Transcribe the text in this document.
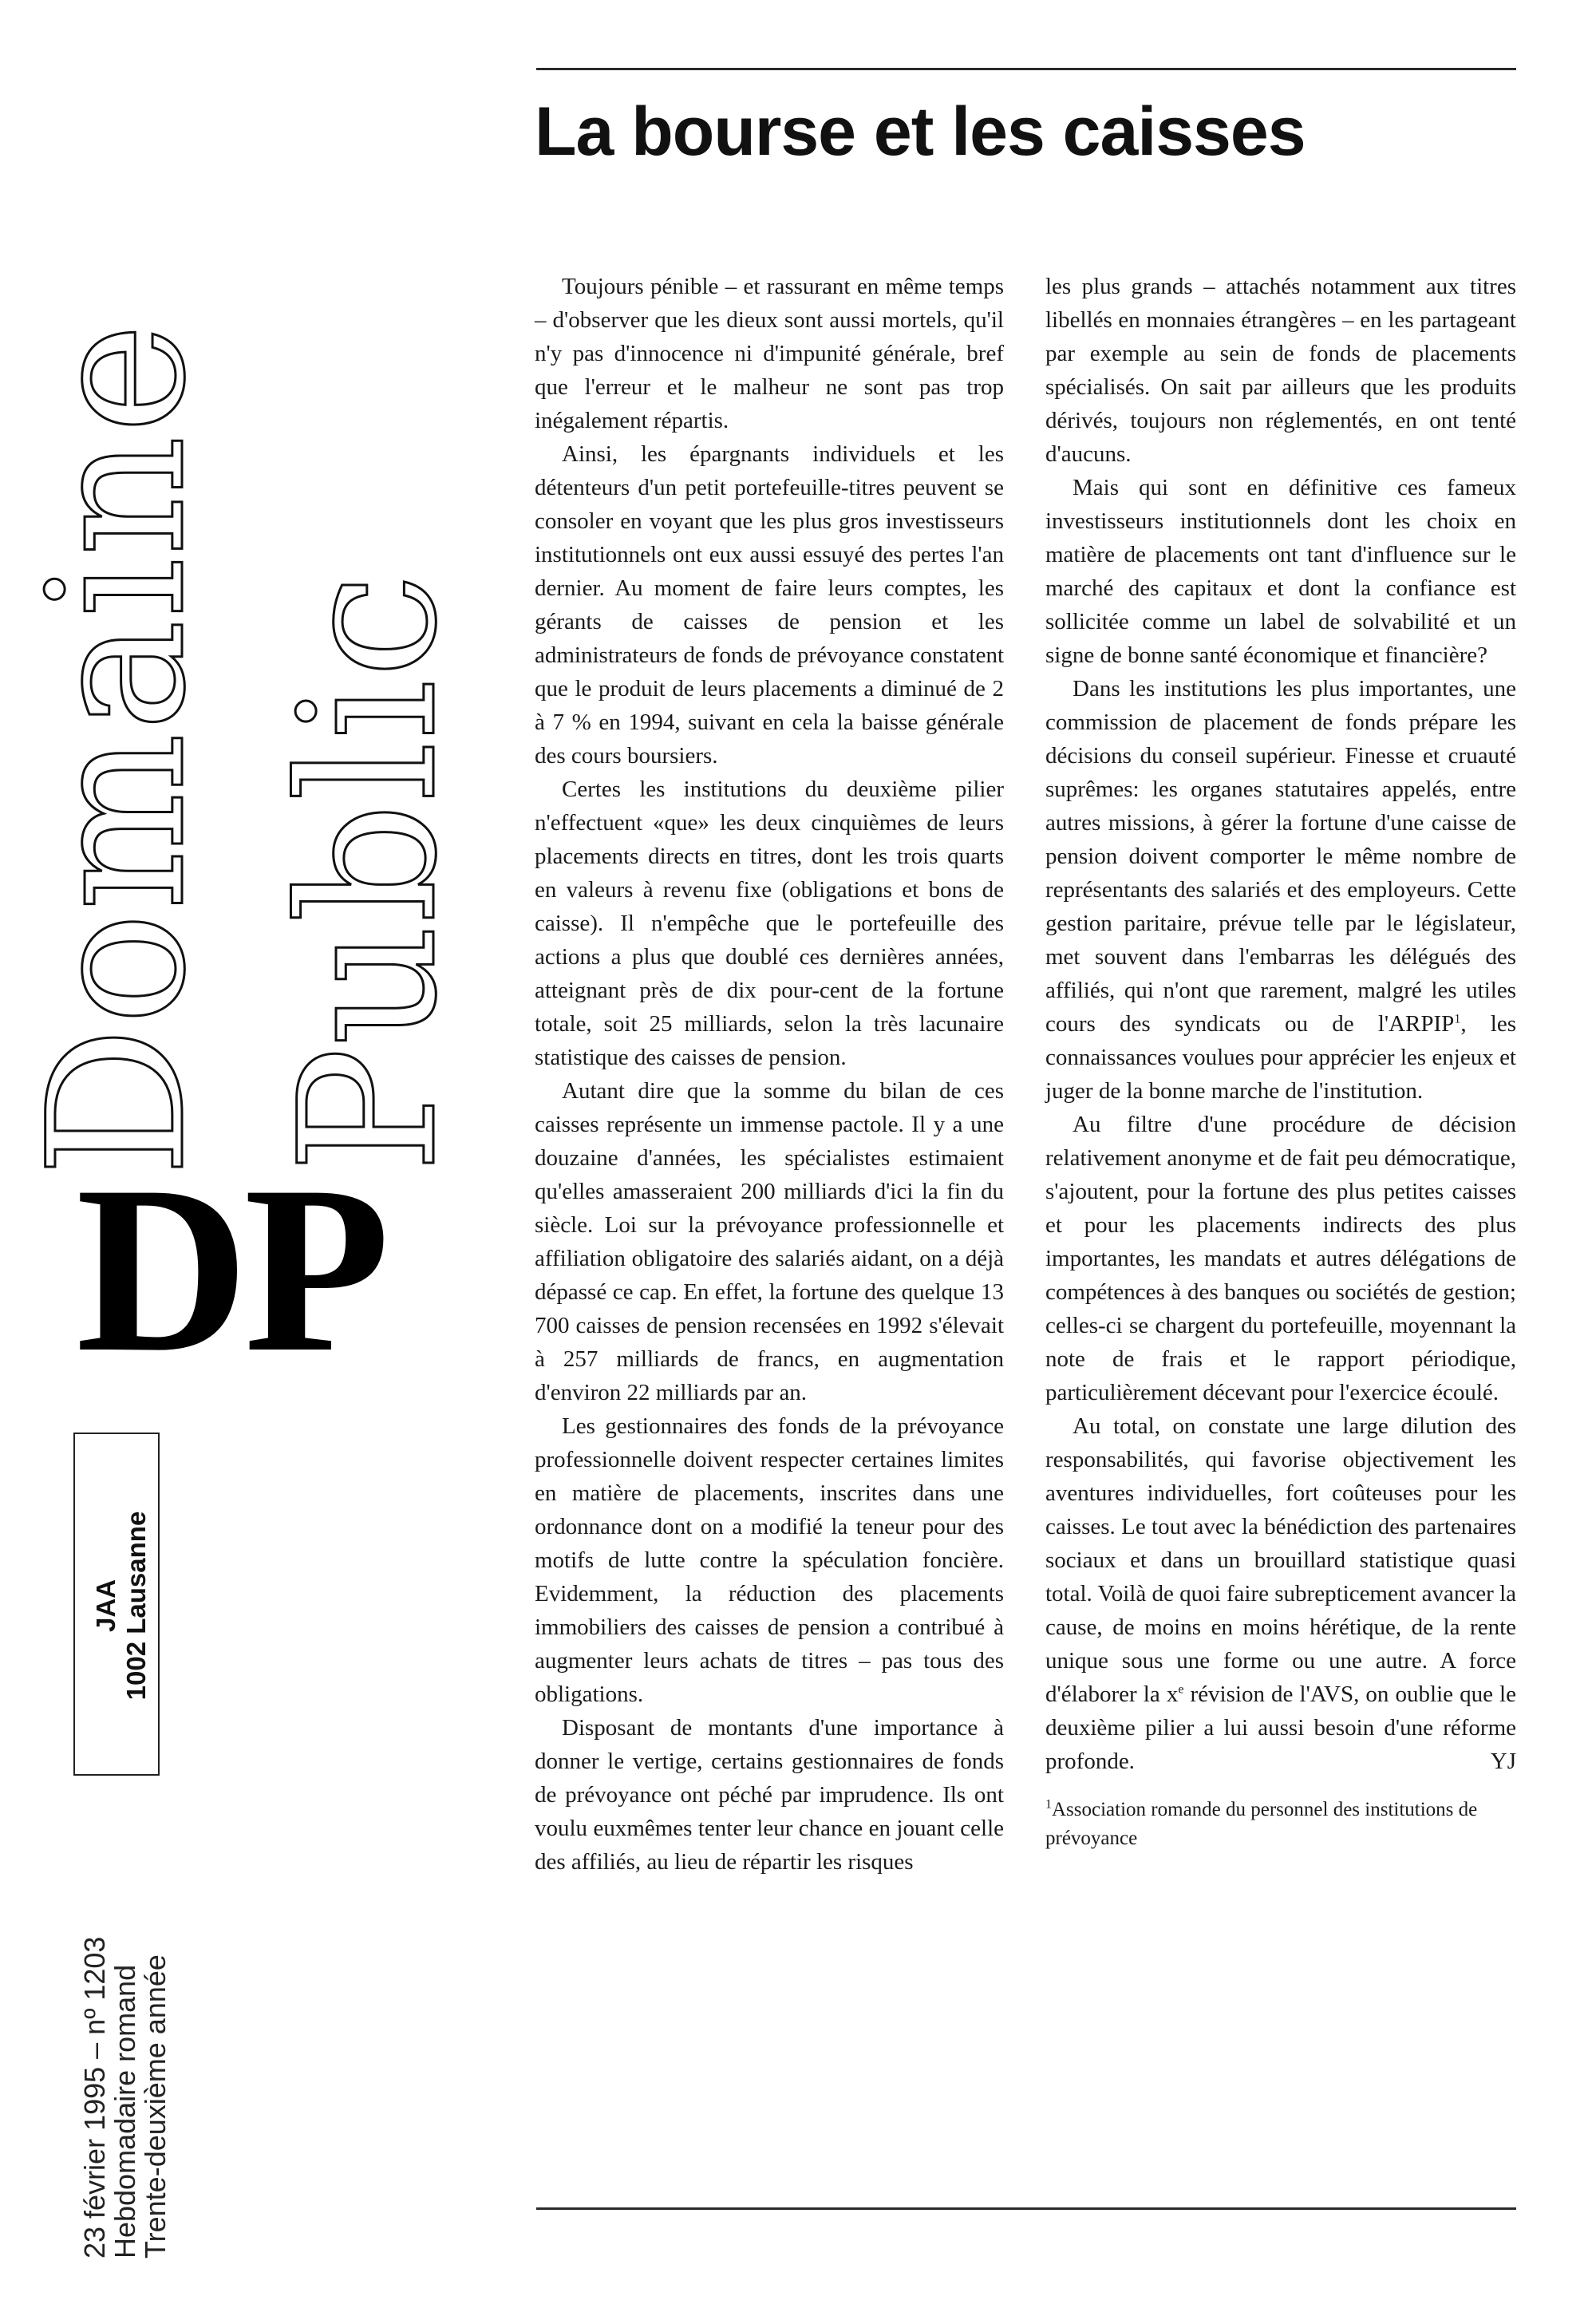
Domaine Public
DP
JAA 1002 Lausanne
23 février 1995 – nº 1203
Hebdomadaire romand
Trente-deuxième année
La bourse et les caisses

Toujours pénible – et rassurant en même temps – d'observer que les dieux sont aussi mortels, qu'il n'y pas d'innocence ni d'impunité générale, bref que l'erreur et le malheur ne sont pas trop inégalement répartis.

Ainsi, les épargnants individuels et les détenteurs d'un petit portefeuille-titres peuvent se consoler en voyant que les plus gros investisseurs institutionnels ont eux aussi essuyé des pertes l'an dernier. Au moment de faire leurs comptes, les gérants de caisses de pension et les administrateurs de fonds de prévoyance constatent que le produit de leurs placements a diminué de 2 à 7 % en 1994, suivant en cela la baisse générale des cours boursiers.

Certes les institutions du deuxième pilier n'effectuent «que» les deux cinquièmes de leurs placements directs en titres, dont les trois quarts en valeurs à revenu fixe (obligations et bons de caisse). Il n'empêche que le portefeuille des actions a plus que doublé ces dernières années, atteignant près de dix pour-cent de la fortune totale, soit 25 milliards, selon la très lacunaire statistique des caisses de pension.

Autant dire que la somme du bilan de ces caisses représente un immense pactole. Il y a une douzaine d'années, les spécialistes estimaient qu'elles amasseraient 200 milliards d'ici la fin du siècle. Loi sur la prévoyance professionnelle et affiliation obligatoire des salariés aidant, on a déjà dépassé ce cap. En effet, la fortune des quelque 13 700 caisses de pension recensées en 1992 s'élevait à 257 milliards de francs, en augmentation d'environ 22 milliards par an.

Les gestionnaires des fonds de la prévoyance professionnelle doivent respecter certaines limites en matière de placements, inscrites dans une ordonnance dont on a modifié la teneur pour des motifs de lutte contre la spéculation foncière. Evidemment, la réduction des placements immobiliers des caisses de pension a contribué à augmenter leurs achats de titres – pas tous des obligations.

Disposant de montants d'une importance à donner le vertige, certains gestionnaires de fonds de prévoyance ont péché par imprudence. Ils ont voulu euxmêmes tenter leur chance en jouant celle des affiliés, au lieu de répartir les risques

les plus grands – attachés notamment aux titres libellés en monnaies étrangères – en les partageant par exemple au sein de fonds de placements spécialisés. On sait par ailleurs que les produits dérivés, toujours non réglementés, en ont tenté d'aucuns.

Mais qui sont en définitive ces fameux investisseurs institutionnels dont les choix en matière de placements ont tant d'influence sur le marché des capitaux et dont la confiance est sollicitée comme un label de solvabilité et un signe de bonne santé économique et financière?

Dans les institutions les plus importantes, une commission de placement de fonds prépare les décisions du conseil supérieur. Finesse et cruauté suprêmes: les organes statutaires appelés, entre autres missions, à gérer la fortune d'une caisse de pension doivent comporter le même nombre de représentants des salariés et des employeurs. Cette gestion paritaire, prévue telle par le législateur, met souvent dans l'embarras les délégués des affiliés, qui n'ont que rarement, malgré les utiles cours des syndicats ou de l'ARPIP$^1$, les connaissances voulues pour apprécier les enjeux et juger de la bonne marche de l'institution.

Au filtre d'une procédure de décision relativement anonyme et de fait peu démocratique, s'ajoutent, pour la fortune des plus petites caisses et pour les placements indirects des plus importantes, les mandats et autres délégations de compétences à des banques ou sociétés de gestion; celles-ci se chargent du portefeuille, moyennant la note de frais et le rapport périodique, particulièrement décevant pour l'exercice écoulé.

Au total, on constate une large dilution des responsabilités, qui favorise objectivement les aventures individuelles, fort coûteuses pour les caisses. Le tout avec la bénédiction des partenaires sociaux et dans un brouillard statistique quasi total. Voilà de quoi faire subrepticement avancer la cause, de moins en moins hérétique, de la rente unique sous une forme ou une autre. A force d'élaborer la $x^e$ révision de l'AVS, on oublie que le deuxième pilier a lui aussi besoin d'une réforme profonde.	YJ

$^1$Association romande du personnel des institutions de prévoyance
